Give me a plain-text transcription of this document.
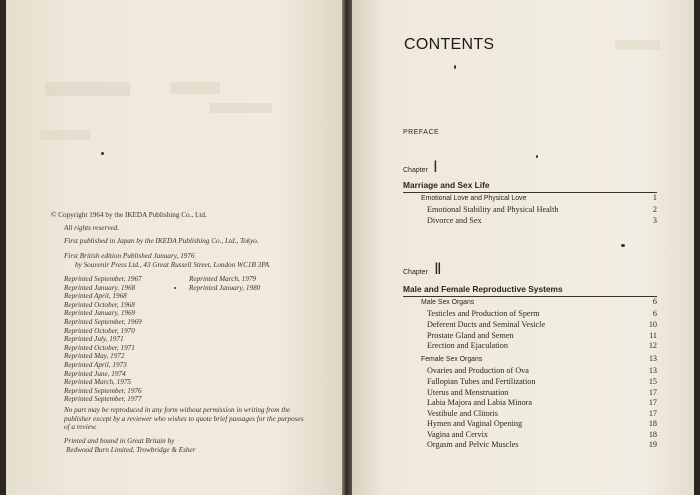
© Copyright 1964 by the IKEDA Publishing Co., Ltd.
All rights reserved.
First published in Japan by the IKEDA Publishing Co., Ltd., Tokyo.
First British edition Published January, 1976
by Souvenir Press Ltd., 43 Great Russell Street, London WC1B 3PA
Reprinted September, 1967
Reprinted January, 1968
Reprinted April, 1968
Reprinted October, 1968
Reprinted January, 1969
Reprinted September, 1969
Reprinted October, 1970
Reprinted July, 1971
Reprinted October, 1971
Reprinted May, 1972
Reprinted April, 1973
Reprinted June, 1974
Reprinted March, 1975
Reprinted September, 1976
Reprinted September, 1977
Reprinted March, 1979
Reprinted January, 1980
No part may be reproduced in any form without permission in writing from the
publisher except by a reviewer who wishes to quote brief passages for the purposes
of a review.
Printed and bound in Great Britain by
Redwood Burn Limited, Trowbridge & Esher
CONTENTS
PREFACE
Chapter I
Marriage and Sex Life
Emotional Love and Physical Love	1
Emotional Stability and Physical Health	2
Divorce and Sex	3
Chapter II
Male and Female Reproductive Systems
Male Sex Organs	6
Testicles and Production of Sperm	6
Deferent Ducts and Seminal Vesicle	10
Prostate Gland and Semen	11
Erection and Ejaculation	12
Female Sex Organs	13
Ovaries and Production of Ova	13
Fallopian Tubes and Fertilization	15
Uterus and Menstruation	17
Labia Majora and Labia Minora	17
Vestibule and Clitoris	17
Hymen and Vaginal Opening	18
Vagina and Cervix	18
Orgasm and Pelvic Muscles	19
